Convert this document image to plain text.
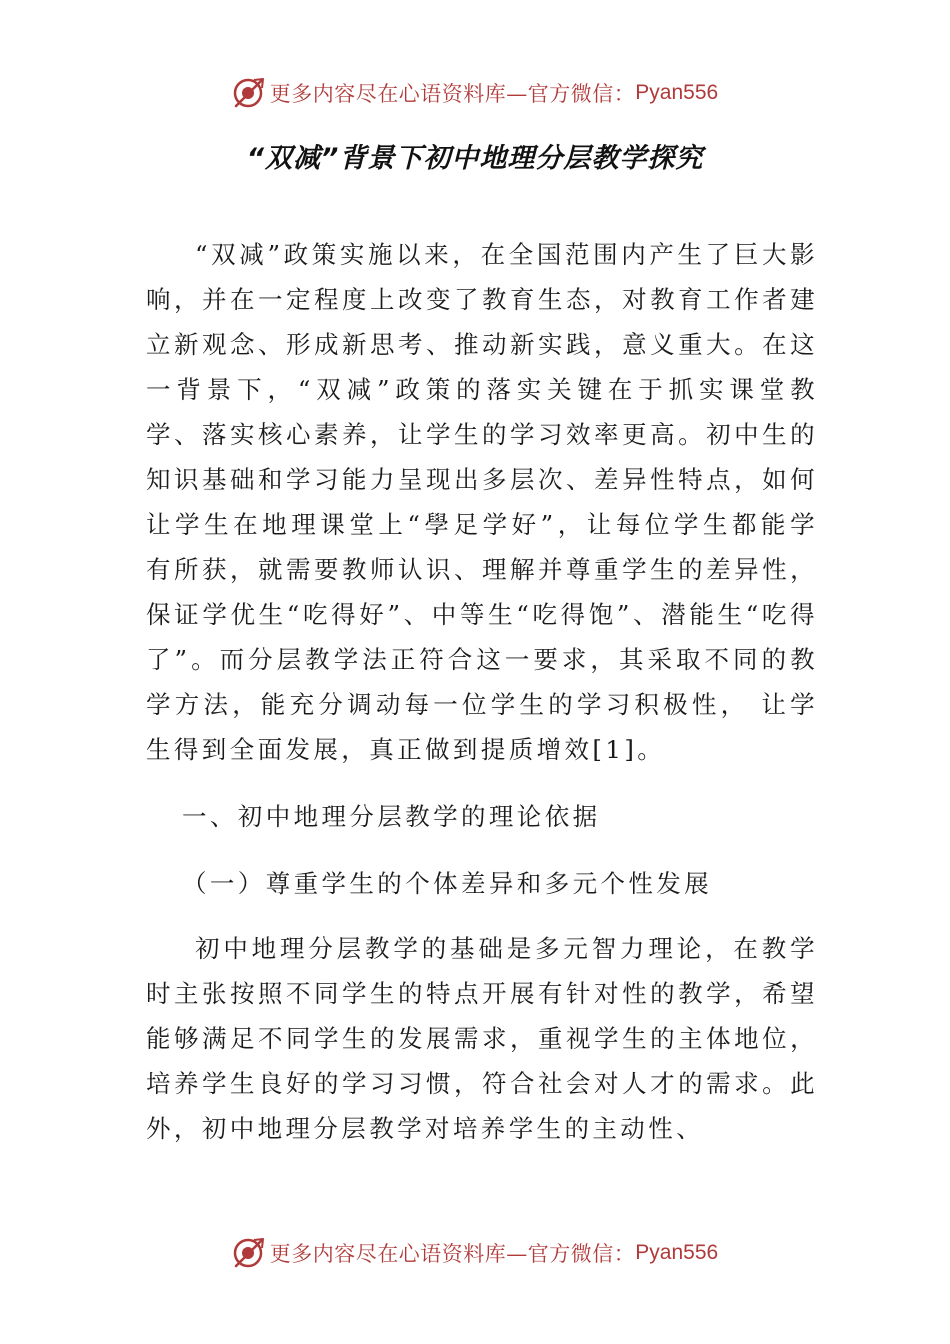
更多内容尽在心语资料库—官方微信： Pyan556
“双减”背景下初中地理分层教学探究

“双减”政策实施以来，在全国范围内产生了巨大影响，并在一定程度上改变了教育生态，对教育工作者建立新观念、形成新思考、推动新实践，意义重大。在这一背景下，“双减”政策的落实关键在于抓实课堂教学、落实核心素养，让学生的学习效率更高。初中生的知识基础和学习能力呈现出多层次、差异性特点，如何让学生在地理课堂上“學足学好”，让每位学生都能学有所获，就需要教师认识、理解并尊重学生的差异性，保证学优生“吃得好”、中等生“吃得饱”、潜能生“吃得了”。而分层教学法正符合这一要求，其采取不同的教学方法，能充分调动每一位学生的学习积极性， 让学生得到全面发展，真正做到提质增效[1]。

一、初中地理分层教学的理论依据

（一）尊重学生的个体差异和多元个性发展

初中地理分层教学的基础是多元智力理论，在教学时主张按照不同学生的特点开展有针对性的教学，希望能够满足不同学生的发展需求，重视学生的主体地位，培养学生良好的学习习惯，符合社会对人才的需求。此外，初中地理分层教学对培养学生的主动性、

更多内容尽在心语资料库—官方微信： Pyan556
